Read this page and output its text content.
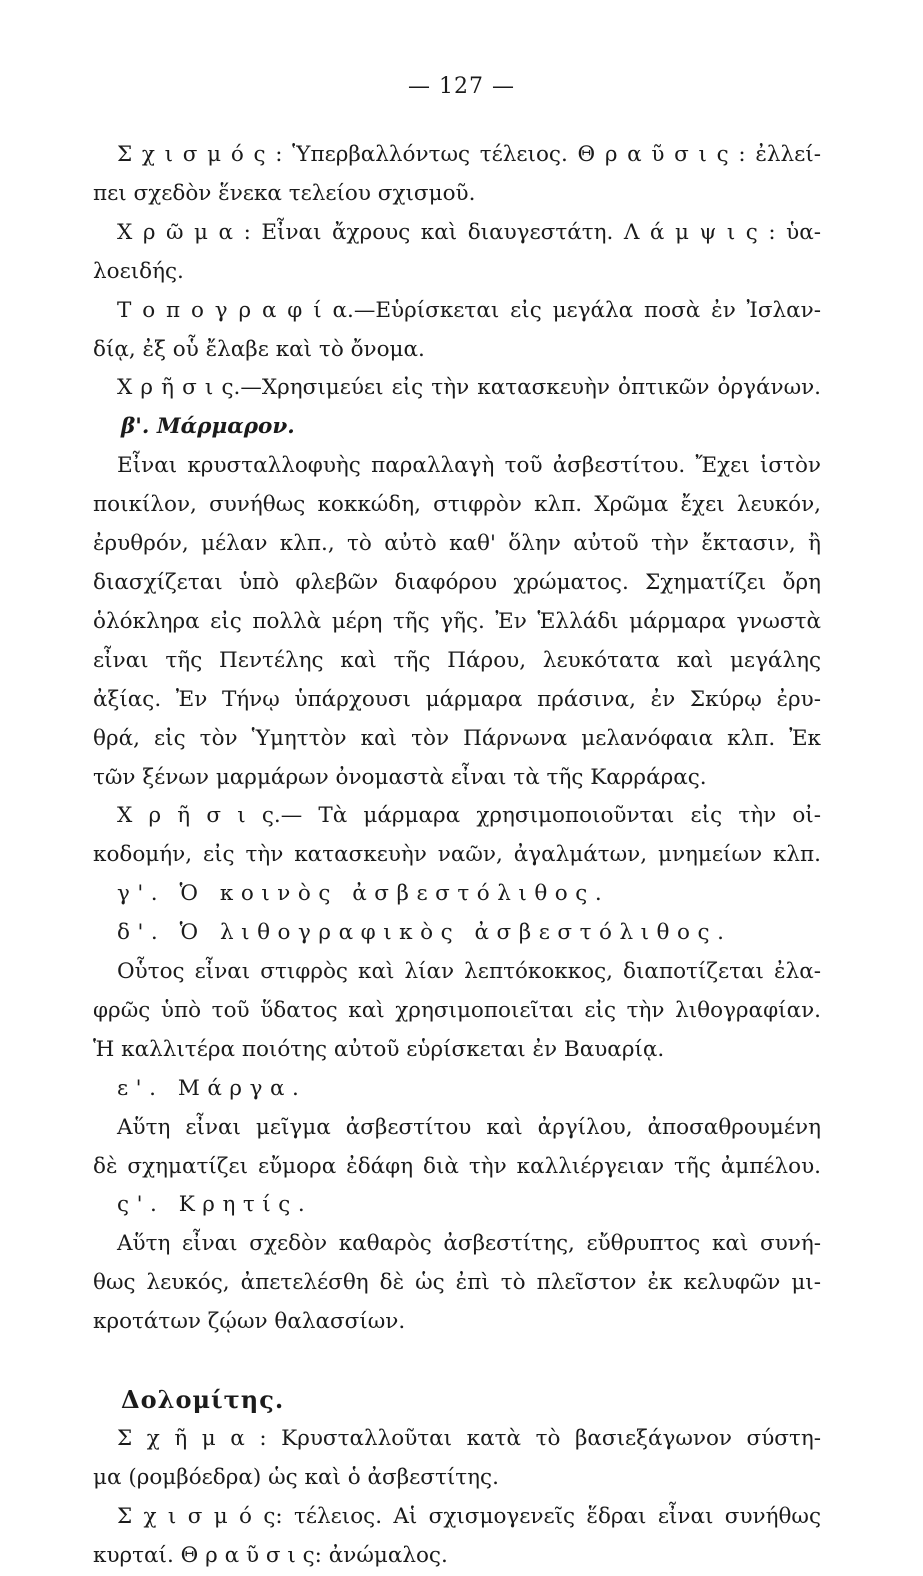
— 127 —
Σ χ ι σ μ ό ς : Ὑπερβαλλόντως τέλειος. Θ ρ α ῦ σ ι ς : ἐλλεί-
πει σχεδὸν ἕνεκα τελείου σχισμοῦ.
Χ ρ ῶ μ α : Εἶναι ἄχρους καὶ διαυγεστάτη. Λ ά μ ψ ι ς : ὑα-
λοειδής.
Τ ο π ο γ ρ α φ ί α.—Εὑρίσκεται εἰς μεγάλα ποσὰ ἐν Ἰσλαν-
δίᾳ, ἐξ οὗ ἔλαβε καὶ τὸ ὄνομα.
Χ ρ ῆ σ ι ς.—Χρησιμεύει εἰς τὴν κατασκευὴν ὀπτικῶν ὀργάνων.
β'. Μάρμαρον.
Εἶναι κρυσταλλοφυὴς παραλλαγὴ τοῦ ἀσβεστίτου. Ἔχει ἱστὸν
ποικίλον, συνήθως κοκκώδη, στιφρὸν κλπ. Χρῶμα ἔχει λευκόν,
ἐρυθρόν, μέλαν κλπ., τὸ αὐτὸ καθ' ὅλην αὐτοῦ τὴν ἔκτασιν, ἢ
διασχίζεται ὑπὸ φλεβῶν διαφόρου χρώματος. Σχηματίζει ὄρη
ὁλόκληρα εἰς πολλὰ μέρη τῆς γῆς. Ἐν Ἑλλάδι μάρμαρα γνωστὰ
εἶναι τῆς Πεντέλης καὶ τῆς Πάρου, λευκότατα καὶ μεγάλης
ἀξίας. Ἐν Τήνῳ ὑπάρχουσι μάρμαρα πράσινα, ἐν Σκύρῳ ἐρυ-
θρά, εἰς τὸν Ὑμηττὸν καὶ τὸν Πάρνωνα μελανόφαια κλπ. Ἐκ
τῶν ξένων μαρμάρων ὀνομαστὰ εἶναι τὰ τῆς Καρράρας.
Χ ρ ῆ σ ι ς.— Τὰ μάρμαρα χρησιμοποιοῦνται εἰς τὴν οἰ-
κοδομήν, εἰς τὴν κατασκευὴν ναῶν, ἀγαλμάτων, μνημείων κλπ.
γ'. Ὁ κοινὸς ἀσβεστόλιθος.
δ'. Ὁ λιθογραφικὸς ἀσβεστόλιθος.
Οὗτος εἶναι στιφρὸς καὶ λίαν λεπτόκοκκος, διαποτίζεται ἐλα-
φρῶς ὑπὸ τοῦ ὕδατος καὶ χρησιμοποιεῖται εἰς τὴν λιθογραφίαν.
Ἡ καλλιτέρα ποιότης αὐτοῦ εὑρίσκεται ἐν Βαυαρίᾳ.
ε'. Μάργα.
Αὕτη εἶναι μεῖγμα ἀσβεστίτου καὶ ἀργίλου, ἀποσαθρουμένη
δὲ σχηματίζει εὔμορα ἐδάφη διὰ τὴν καλλιέργειαν τῆς ἀμπέλου.
ς'. Κρητίς.
Αὕτη εἶναι σχεδὸν καθαρὸς ἀσβεστίτης, εὔθρυπτος καὶ συνή-
θως λευκός, ἀπετελέσθη δὲ ὡς ἐπὶ τὸ πλεῖστον ἐκ κελυφῶν μι-
κροτάτων ζῴων θαλασσίων.
Δολομίτης.
Σ χ ῆ μ α : Κρυσταλλοῦται κατὰ τὸ βασιεξάγωνον σύστη-
μα (ρομβόεδρα) ὡς καὶ ὁ ἀσβεστίτης.
Σ χ ι σ μ ό ς: τέλειος. Αἱ σχισμογενεῖς ἕδραι εἶναι συνήθως
κυρταί. Θ ρ α ῦ σ ι ς: ἀνώμαλος.
